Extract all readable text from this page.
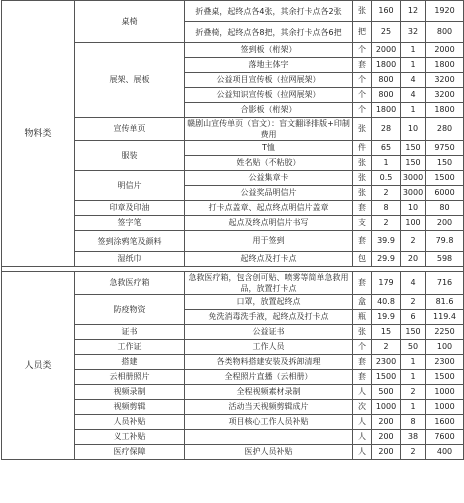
物料类	桌椅	折叠桌，起终点各4张，其余打卡点各2张	张	160	12	1920
		折叠椅，起终点各8把，其余打卡点各6把	把	25	32	800
	展架、展板	签到板（桁架）	个	2000	1	2000
		落地主体字	套	1800	1	1800
		公益项目宣传板（拉网展架）	个	800	4	3200
		公益知识宣传板（拉网展架）	个	800	4	3200
		合影板（桁架）	个	1800	1	1800
	宣传单页	赣剧山宣传单页（盲文）：盲文翻译排版+印制费用	张	28	10	280
	服装	T恤	件	65	150	9750
		姓名贴（不粘胶）	张	1	150	150
	明信片	公益集章卡	张	0.5	3000	1500
		公益奖品明信片	张	2	3000	6000
	印章及印油	打卡点盖章、起点终点明信片盖章	套	8	10	80
	签字笔	起点及终点明信片书写	支	2	100	200
	签到涂鸦笔及颜料	用于签到	套	39.9	2	79.8
	湿纸巾	起终点及打卡点	包	29.9	20	598

人员类	急救医疗箱	急救医疗箱，包含创可贴、喷雾等简单急救用品，放置打卡点	套	179	4	716
	防疫物资	口罩，放置起终点	盒	40.8	2	81.6
		免洗消毒洗手液，起终点及打卡点	瓶	19.9	6	119.4
	证书	公益证书	张	15	150	2250
	工作证	工作人员	个	2	50	100
	搭建	各类物料搭建安装及拆卸清理	套	2300	1	2300
	云相册照片	全程照片直播（云相册）	套	1500	1	1500
	视频录制	全程视频素材录制	人	500	2	1000
	视频剪辑	活动当天视频剪辑成片	次	1000	1	1000
	人员补贴	项目核心工作人员补贴	人	200	8	1600
	义工补贴		人	200	38	7600
	医疗保障	医护人员补贴	人	200	2	400
